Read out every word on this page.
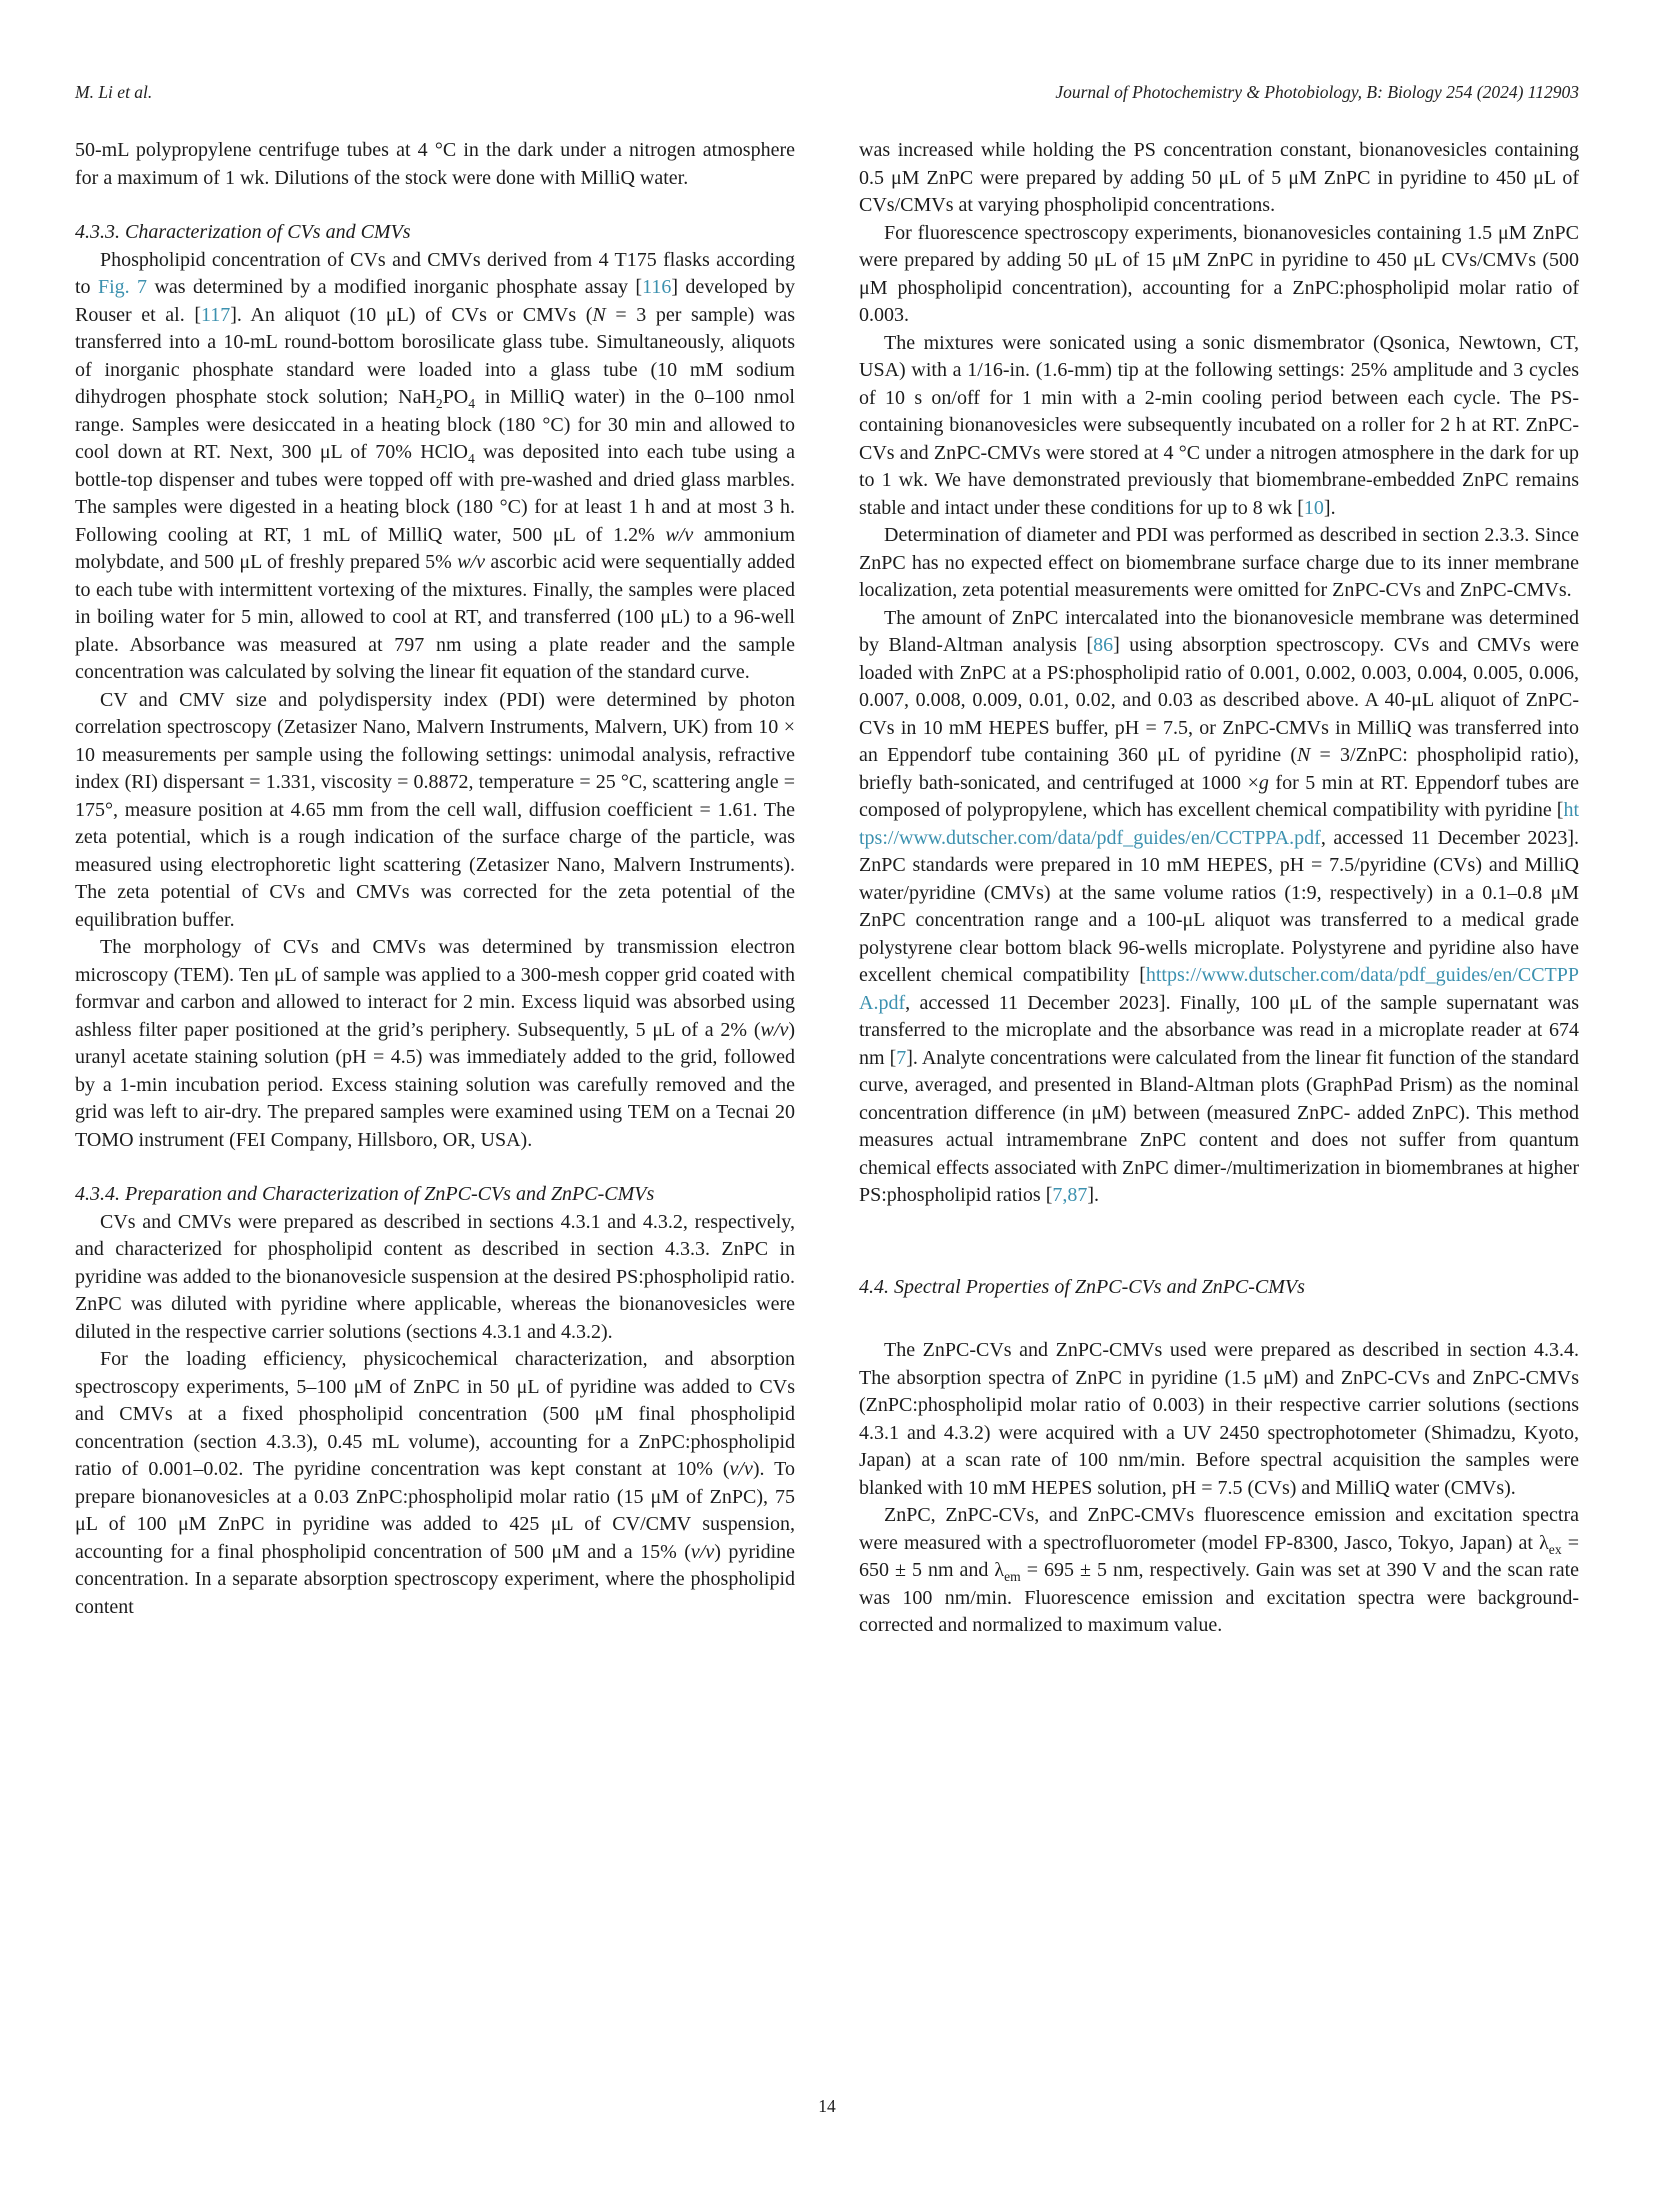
M. Li et al.	Journal of Photochemistry & Photobiology, B: Biology 254 (2024) 112903

50-mL polypropylene centrifuge tubes at 4 °C in the dark under a nitrogen atmosphere for a maximum of 1 wk. Dilutions of the stock were done with MilliQ water.

4.3.3. Characterization of CVs and CMVs

Phospholipid concentration of CVs and CMVs derived from 4 T175 flasks according to Fig. 7 was determined by a modified inorganic phosphate assay [116] developed by Rouser et al. [117]. An aliquot (10 μL) of CVs or CMVs (N = 3 per sample) was transferred into a 10-mL round-bottom borosilicate glass tube. Simultaneously, aliquots of inorganic phosphate standard were loaded into a glass tube (10 mM sodium dihydrogen phosphate stock solution; $NaH_2PO_4$ in MilliQ water) in the 0–100 nmol range. Samples were desiccated in a heating block (180 °C) for 30 min and allowed to cool down at RT. Next, 300 μL of 70% HClO$_4$ was deposited into each tube using a bottle-top dispenser and tubes were topped off with pre-washed and dried glass marbles. The samples were digested in a heating block (180 °C) for at least 1 h and at most 3 h. Following cooling at RT, 1 mL of MilliQ water, 500 μL of 1.2% w/v ammonium molybdate, and 500 μL of freshly prepared 5% w/v ascorbic acid were sequentially added to each tube with intermittent vortexing of the mixtures. Finally, the samples were placed in boiling water for 5 min, allowed to cool at RT, and transferred (100 μL) to a 96-well plate. Absorbance was measured at 797 nm using a plate reader and the sample concentration was calculated by solving the linear fit equation of the standard curve.

CV and CMV size and polydispersity index (PDI) were determined by photon correlation spectroscopy (Zetasizer Nano, Malvern Instruments, Malvern, UK) from 10 × 10 measurements per sample using the following settings: unimodal analysis, refractive index (RI) dispersant = 1.331, viscosity = 0.8872, temperature = 25 °C, scattering angle = 175°, measure position at 4.65 mm from the cell wall, diffusion coefficient = 1.61. The zeta potential, which is a rough indication of the surface charge of the particle, was measured using electrophoretic light scattering (Zetasizer Nano, Malvern Instruments). The zeta potential of CVs and CMVs was corrected for the zeta potential of the equilibration buffer.

The morphology of CVs and CMVs was determined by transmission electron microscopy (TEM). Ten μL of sample was applied to a 300-mesh copper grid coated with formvar and carbon and allowed to interact for 2 min. Excess liquid was absorbed using ashless filter paper positioned at the grid’s periphery. Subsequently, 5 μL of a 2% (w/v) uranyl acetate staining solution (pH = 4.5) was immediately added to the grid, followed by a 1-min incubation period. Excess staining solution was carefully removed and the grid was left to air-dry. The prepared samples were examined using TEM on a Tecnai 20 TOMO instrument (FEI Company, Hillsboro, OR, USA).

4.3.4. Preparation and Characterization of ZnPC-CVs and ZnPC-CMVs

CVs and CMVs were prepared as described in sections 4.3.1 and 4.3.2, respectively, and characterized for phospholipid content as described in section 4.3.3. ZnPC in pyridine was added to the bionanovesicle suspension at the desired PS:phospholipid ratio. ZnPC was diluted with pyridine where applicable, whereas the bionanovesicles were diluted in the respective carrier solutions (sections 4.3.1 and 4.3.2).

For the loading efficiency, physicochemical characterization, and absorption spectroscopy experiments, 5–100 μM of ZnPC in 50 μL of pyridine was added to CVs and CMVs at a fixed phospholipid concentration (500 μM final phospholipid concentration (section 4.3.3), 0.45 mL volume), accounting for a ZnPC:phospholipid ratio of 0.001–0.02. The pyridine concentration was kept constant at 10% (v/v). To prepare bionanovesicles at a 0.03 ZnPC:phospholipid molar ratio (15 μM of ZnPC), 75 μL of 100 μM ZnPC in pyridine was added to 425 μL of CV/CMV suspension, accounting for a final phospholipid concentration of 500 μM and a 15% (v/v) pyridine concentration. In a separate absorption spectroscopy experiment, where the phospholipid content

was increased while holding the PS concentration constant, bionanovesicles containing 0.5 μM ZnPC were prepared by adding 50 μL of 5 μM ZnPC in pyridine to 450 μL of CVs/CMVs at varying phospholipid concentrations.

For fluorescence spectroscopy experiments, bionanovesicles containing 1.5 μM ZnPC were prepared by adding 50 μL of 15 μM ZnPC in pyridine to 450 μL CVs/CMVs (500 μM phospholipid concentration), accounting for a ZnPC:phospholipid molar ratio of 0.003.

The mixtures were sonicated using a sonic dismembrator (Qsonica, Newtown, CT, USA) with a 1/16-in. (1.6-mm) tip at the following settings: 25% amplitude and 3 cycles of 10 s on/off for 1 min with a 2-min cooling period between each cycle. The PS-containing bionanovesicles were subsequently incubated on a roller for 2 h at RT. ZnPC-CVs and ZnPC-CMVs were stored at 4 °C under a nitrogen atmosphere in the dark for up to 1 wk. We have demonstrated previously that biomembrane-embedded ZnPC remains stable and intact under these conditions for up to 8 wk [10].

Determination of diameter and PDI was performed as described in section 2.3.3. Since ZnPC has no expected effect on biomembrane surface charge due to its inner membrane localization, zeta potential measurements were omitted for ZnPC-CVs and ZnPC-CMVs.

The amount of ZnPC intercalated into the bionanovesicle membrane was determined by Bland-Altman analysis [86] using absorption spectroscopy. CVs and CMVs were loaded with ZnPC at a PS:phospholipid ratio of 0.001, 0.002, 0.003, 0.004, 0.005, 0.006, 0.007, 0.008, 0.009, 0.01, 0.02, and 0.03 as described above. A 40-μL aliquot of ZnPC-CVs in 10 mM HEPES buffer, pH = 7.5, or ZnPC-CMVs in MilliQ was transferred into an Eppendorf tube containing 360 μL of pyridine (N = 3/ZnPC: phospholipid ratio), briefly bath-sonicated, and centrifuged at 1000 ×g for 5 min at RT. Eppendorf tubes are composed of polypropylene, which has excellent chemical compatibility with pyridine [https://www.dutscher.com/data/pdf_guides/en/CCTPPA.pdf, accessed 11 December 2023]. ZnPC standards were prepared in 10 mM HEPES, pH = 7.5/pyridine (CVs) and MilliQ water/pyridine (CMVs) at the same volume ratios (1:9, respectively) in a 0.1–0.8 μM ZnPC concentration range and a 100-μL aliquot was transferred to a medical grade polystyrene clear bottom black 96-wells microplate. Polystyrene and pyridine also have excellent chemical compatibility [https://www.dutscher.com/data/pdf_guides/en/CCTPPA.pdf, accessed 11 December 2023]. Finally, 100 μL of the sample supernatant was transferred to the microplate and the absorbance was read in a microplate reader at 674 nm [7]. Analyte concentrations were calculated from the linear fit function of the standard curve, averaged, and presented in Bland-Altman plots (GraphPad Prism) as the nominal concentration difference (in μM) between (measured ZnPC- added ZnPC). This method measures actual intramembrane ZnPC content and does not suffer from quantum chemical effects associated with ZnPC dimer-/multimerization in biomembranes at higher PS:phospholipid ratios [7,87].

4.4. Spectral Properties of ZnPC-CVs and ZnPC-CMVs

The ZnPC-CVs and ZnPC-CMVs used were prepared as described in section 4.3.4. The absorption spectra of ZnPC in pyridine (1.5 μM) and ZnPC-CVs and ZnPC-CMVs (ZnPC:phospholipid molar ratio of 0.003) in their respective carrier solutions (sections 4.3.1 and 4.3.2) were acquired with a UV 2450 spectrophotometer (Shimadzu, Kyoto, Japan) at a scan rate of 100 nm/min. Before spectral acquisition the samples were blanked with 10 mM HEPES solution, pH = 7.5 (CVs) and MilliQ water (CMVs).

ZnPC, ZnPC-CVs, and ZnPC-CMVs fluorescence emission and excitation spectra were measured with a spectrofluorometer (model FP-8300, Jasco, Tokyo, Japan) at $\lambda_{ex} = 650 \pm 5$ nm and $\lambda_{em} = 695 \pm 5$ nm, respectively. Gain was set at 390 V and the scan rate was 100 nm/min. Fluorescence emission and excitation spectra were background-corrected and normalized to maximum value.

14
